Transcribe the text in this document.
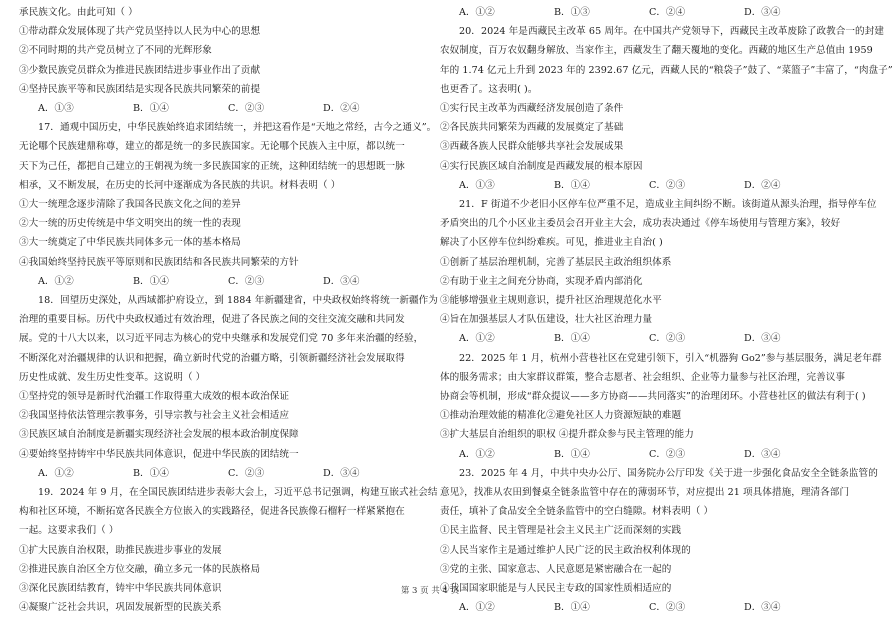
承民族文化。由此可知（ ）
①带动群众发展体现了共产党员坚持以人民为中心的思想
②不同时期的共产党员树立了不同的光辉形象
③少数民族党员群众为推进民族团结进步事业作出了贡献
④坚持民族平等和民族团结是实现各民族共同繁荣的前提
A．①③	B．①④	C．②③	D．②④
17．通观中国历史，中华民族始终追求团结统一，并把这看作是“天地之常经，古今之通义”。
无论哪个民族建鼎称尊，建立的都是统一的多民族国家。无论哪个民族入主中原，都以统一
天下为己任，都把自己建立的王朝视为统一多民族国家的正统，这种团结统一的思想既一脉
相承，又不断发展，在历史的长河中逐渐成为各民族的共识。材料表明（ ）
①大一统理念逐步清除了我国各民族文化之间的差异
②大一统的历史传统是中华文明突出的统一性的表现
③大一统奠定了中华民族共同体多元一体的基本格局
④我国始终坚持民族平等原则和民族团结和各民族共同繁荣的方针
A．①②	B．①④	C．②③	D．③④
18．回望历史深处，从西域都护府设立，到 1884 年新疆建省，中央政权始终将统一新疆作为
治理的重要目标。历代中央政权通过有效治理，促进了各民族之间的交往交流交融和共同发
展。党的十八大以来，以习近平同志为核心的党中央继承和发展党们党 70 多年来治疆的经验，
不断深化对治疆规律的认识和把握，确立新时代党的治疆方略，引领新疆经济社会发展取得
历史性成就、发生历史性变革。这说明（ ）
①坚持党的领导是新时代治疆工作取得重大成效的根本政治保证
②我国坚持依法管理宗教事务，引导宗教与社会主义社会相适应
③民族区域自治制度是新疆实现经济社会发展的根本政治制度保障
④要始终坚持铸牢中华民族共同体意识，促进中华民族的团结统一
A．①②	B．①④	C．②③	D．③④
19．2024 年 9 月，在全国民族团结进步表彰大会上，习近平总书记强调，构建互嵌式社会结
构和社区环境，不断拓宽各民族全方位嵌入的实践路径，促进各民族像石榴籽一样紧紧抱在
一起。这要求我们（ ）
①扩大民族自治权限，助推民族进步事业的发展
②推进民族自治区全方位交融，确立多元一体的民族格局
③深化民族团结教育，铸牢中华民族共同体意识
④凝聚广泛社会共识，巩固发展新型的民族关系
A．①②	B．①③	C．②④	D．③④
20．2024 年是西藏民主改革 65 周年。在中国共产党领导下，西藏民主改革废除了政教合一的封建
农奴制度，百万农奴翻身解放、当家作主，西藏发生了翻天覆地的变化。西藏的地区生产总值由 1959
年的 1.74 亿元上升到 2023 年的 2392.67 亿元，西藏人民的“粮袋子”鼓了、“菜篮子”丰富了，“肉盘子”
也更香了。这表明( )。
①实行民主改革为西藏经济发展创造了条件
②各民族共同繁荣为西藏的发展奠定了基础
③西藏各族人民群众能够共享社会发展成果
④实行民族区域自治制度是西藏发展的根本原因
A．①③	B．①④	C．②③	D．②④
21．F 街道不少老旧小区停车位严重不足，造成业主间纠纷不断。该街道从源头治理，指导停车位
矛盾突出的几个小区业主委员会召开业主大会，成功表决通过《停车场使用与管理方案》，较好
解决了小区停车位纠纷难疾。可见，推进业主自治( )
①创新了基层治理机制，完善了基层民主政治组织体系
②有助于业主之间充分协商，实现矛盾内部消化
③能够增强业主规则意识，提升社区治理规范化水平
④旨在加强基层人才队伍建设，壮大社区治理力量
A．①②	B．①④	C．②③	D．③④
22．2025 年 1 月，杭州小营巷社区在党建引领下，引入“机器狗 Go2”参与基层服务，满足老年群
体的服务需求；由大家群议群策，整合志愿者、社会组织、企业等力量参与社区治理，完善议事
协商会等机制，形成“群众提议——多方协商——共同落实”的治理闭环。小营巷社区的做法有利于( )
①推动治理效能的精准化②避免社区人力资源短缺的难题
③扩大基层自治组织的职权 ④提升群众参与民主管理的能力
A．①②	B．①④	C．②③	D．③④
23．2025 年 4 月，中共中央办公厅、国务院办公厅印发《关于进一步强化食品安全全链条监管的
意见》，找准从农田到餐桌全链条监管中存在的薄弱环节，对应提出 21 项具体措施，理清各部门
责任，填补了食品安全全链条监管中的空白缝隙。材料表明（ ）
①民主监督、民主管理是社会主义民主广泛而深刻的实践
②人民当家作主是通过维护人民广泛的民主政治权利体现的
③党的主张、国家意志、人民意愿是紧密融合在一起的
④我国国家职能是与人民民主专政的国家性质相适应的
A．①②	B．①④	C．②③	D．③④
第 3 页 共 4 页
